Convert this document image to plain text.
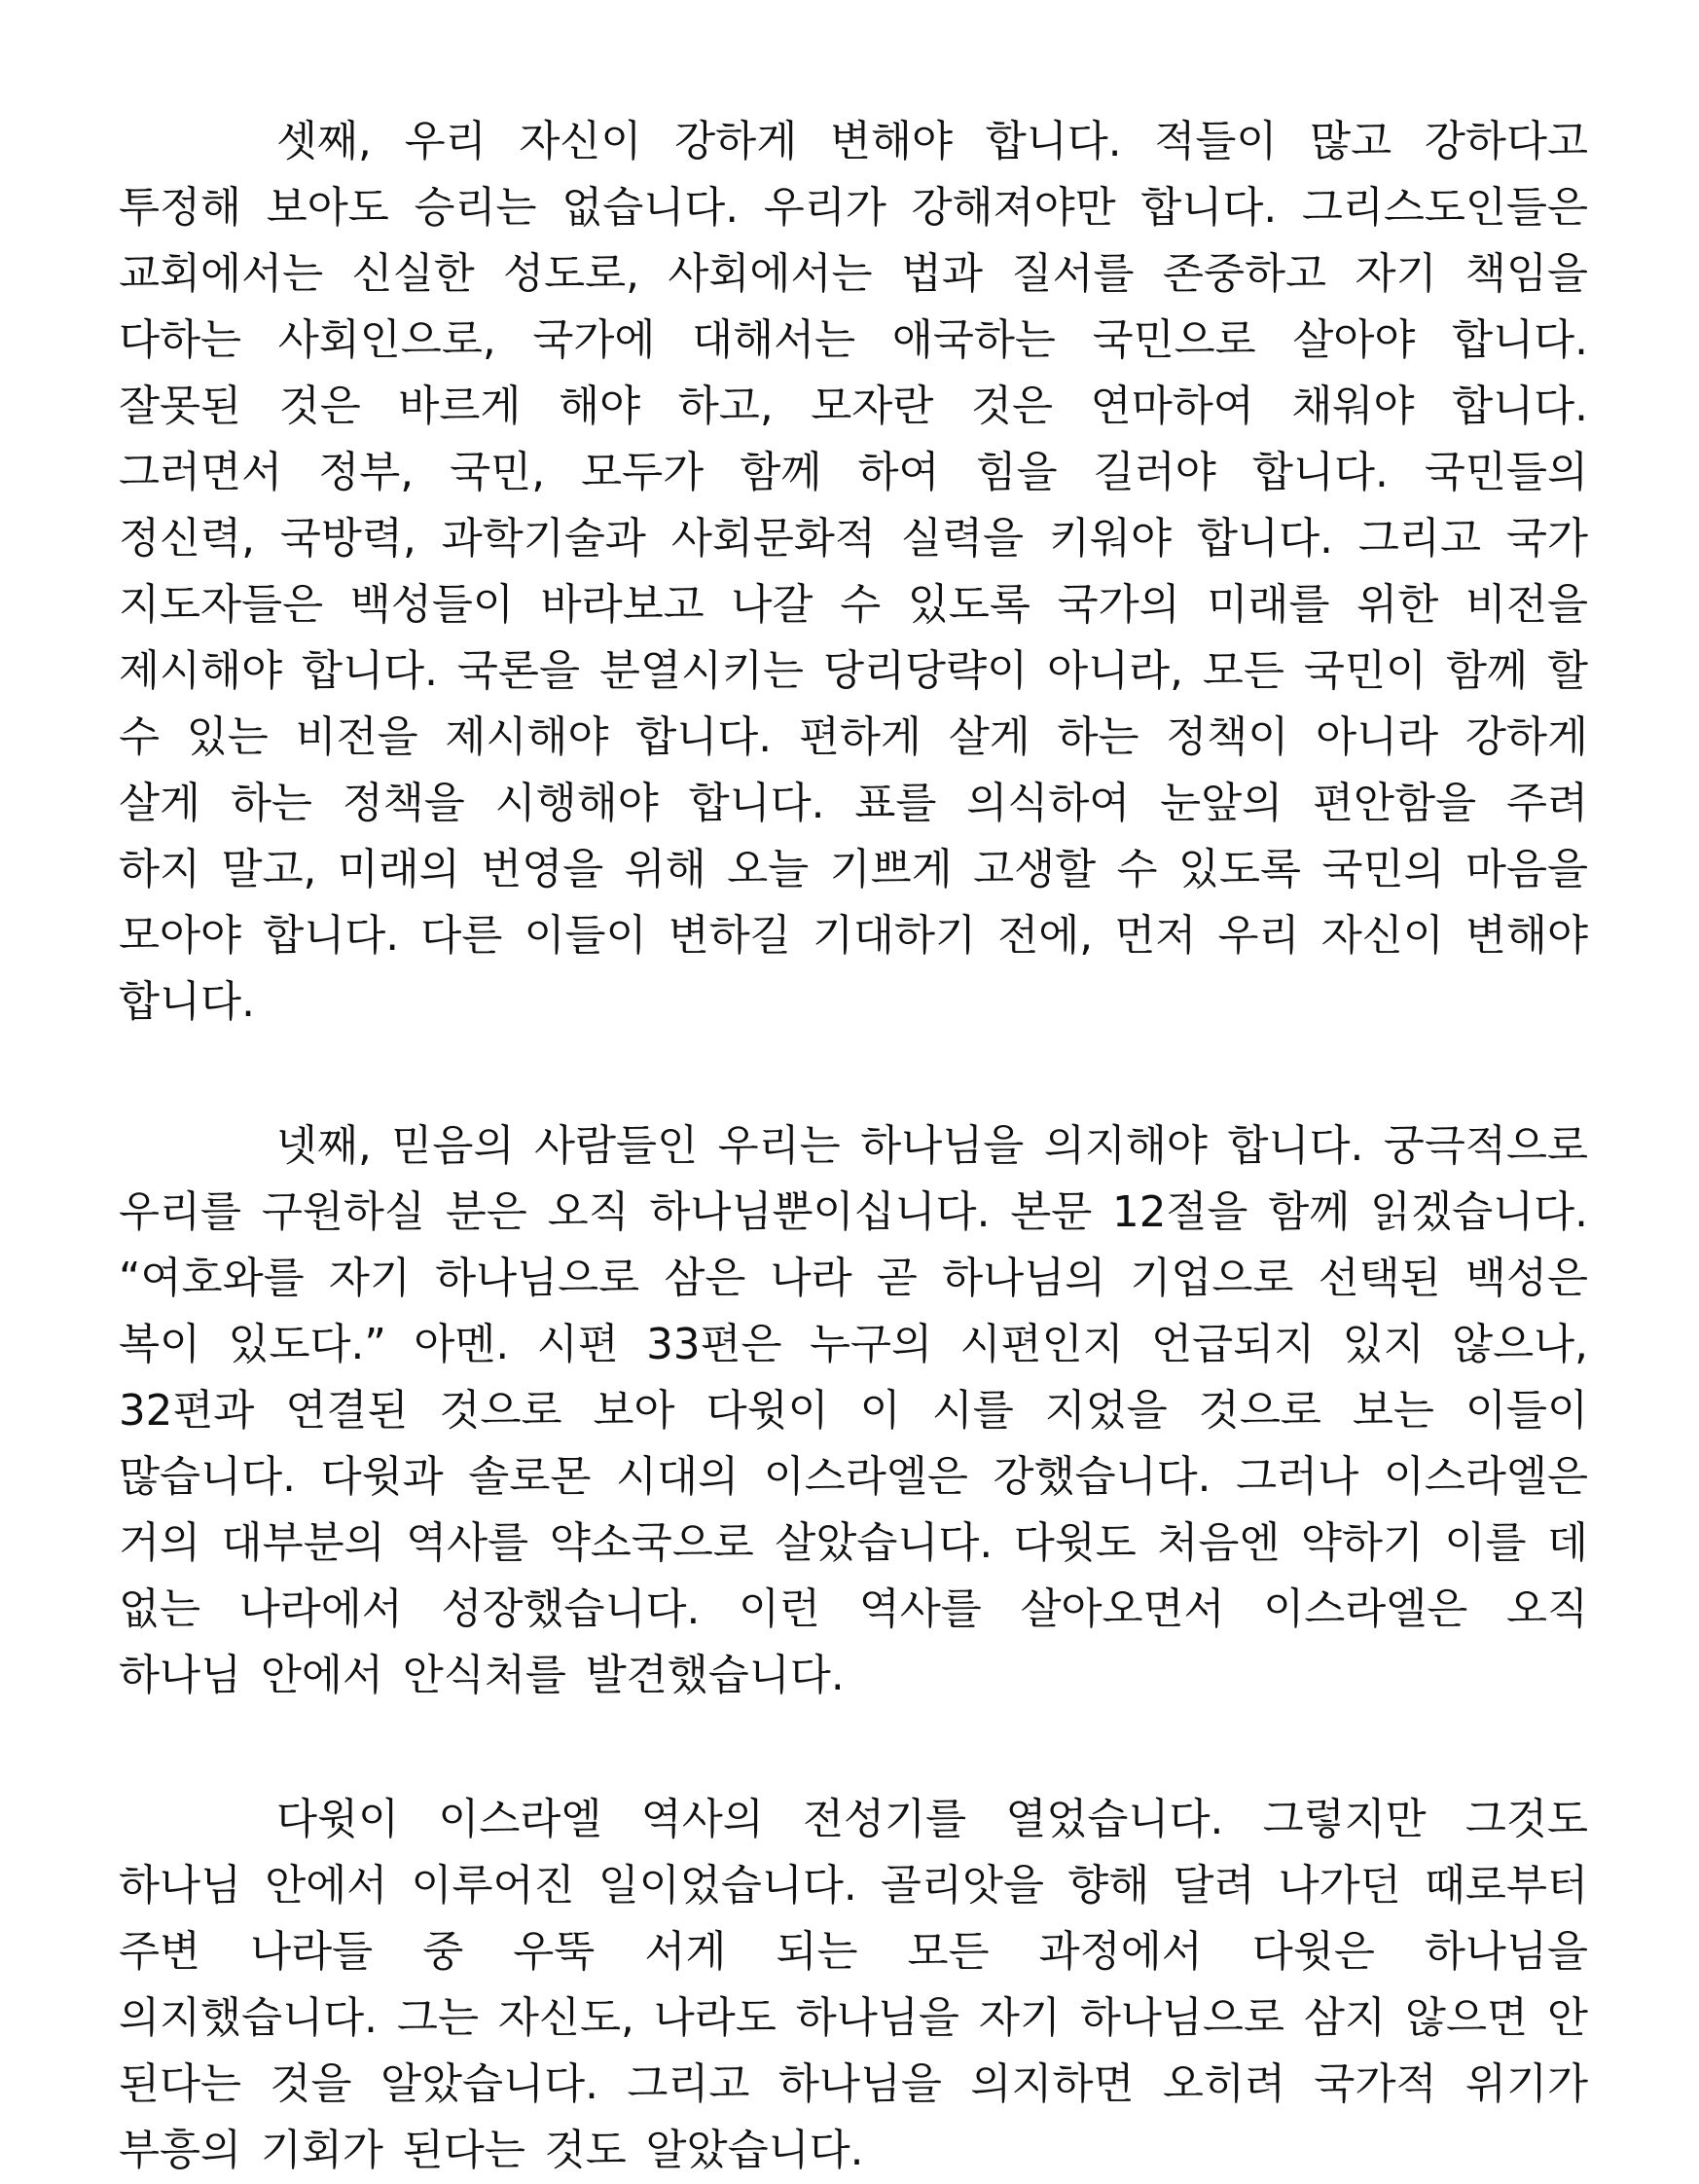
셋째, 우리 자신이 강하게 변해야 합니다. 적들이 많고 강하다고 투정해 보아도 승리는 없습니다. 우리가 강해져야만 합니다. 그리스도인들은 교회에서는 신실한 성도로, 사회에서는 법과 질서를 존중하고 자기 책임을 다하는 사회인으로, 국가에 대해서는 애국하는 국민으로 살아야 합니다. 잘못된 것은 바르게 해야 하고, 모자란 것은 연마하여 채워야 합니다. 그러면서 정부, 국민, 모두가 함께 하여 힘을 길러야 합니다. 국민들의 정신력, 국방력, 과학기술과 사회문화적 실력을 키워야 합니다. 그리고 국가 지도자들은 백성들이 바라보고 나갈 수 있도록 국가의 미래를 위한 비전을 제시해야 합니다. 국론을 분열시키는 당리당략이 아니라, 모든 국민이 함께 할 수 있는 비전을 제시해야 합니다. 편하게 살게 하는 정책이 아니라 강하게 살게 하는 정책을 시행해야 합니다. 표를 의식하여 눈앞의 편안함을 주려 하지 말고, 미래의 번영을 위해 오늘 기쁘게 고생할 수 있도록 국민의 마음을 모아야 합니다. 다른 이들이 변하길 기대하기 전에, 먼저 우리 자신이 변해야 합니다.

넷째, 믿음의 사람들인 우리는 하나님을 의지해야 합니다. 궁극적으로 우리를 구원하실 분은 오직 하나님뿐이십니다. 본문 12절을 함께 읽겠습니다. “여호와를 자기 하나님으로 삼은 나라 곧 하나님의 기업으로 선택된 백성은 복이 있도다.” 아멘. 시편 33편은 누구의 시편인지 언급되지 있지 않으나, 32편과 연결된 것으로 보아 다윗이 이 시를 지었을 것으로 보는 이들이 많습니다. 다윗과 솔로몬 시대의 이스라엘은 강했습니다. 그러나 이스라엘은 거의 대부분의 역사를 약소국으로 살았습니다. 다윗도 처음엔 약하기 이를 데 없는 나라에서 성장했습니다. 이런 역사를 살아오면서 이스라엘은 오직 하나님 안에서 안식처를 발견했습니다.

다윗이 이스라엘 역사의 전성기를 열었습니다. 그렇지만 그것도 하나님 안에서 이루어진 일이었습니다. 골리앗을 향해 달려 나가던 때로부터 주변 나라들 중 우뚝 서게 되는 모든 과정에서 다윗은 하나님을 의지했습니다. 그는 자신도, 나라도 하나님을 자기 하나님으로 삼지 않으면 안 된다는 것을 알았습니다. 그리고 하나님을 의지하면 오히려 국가적 위기가 부흥의 기회가 된다는 것도 알았습니다.
